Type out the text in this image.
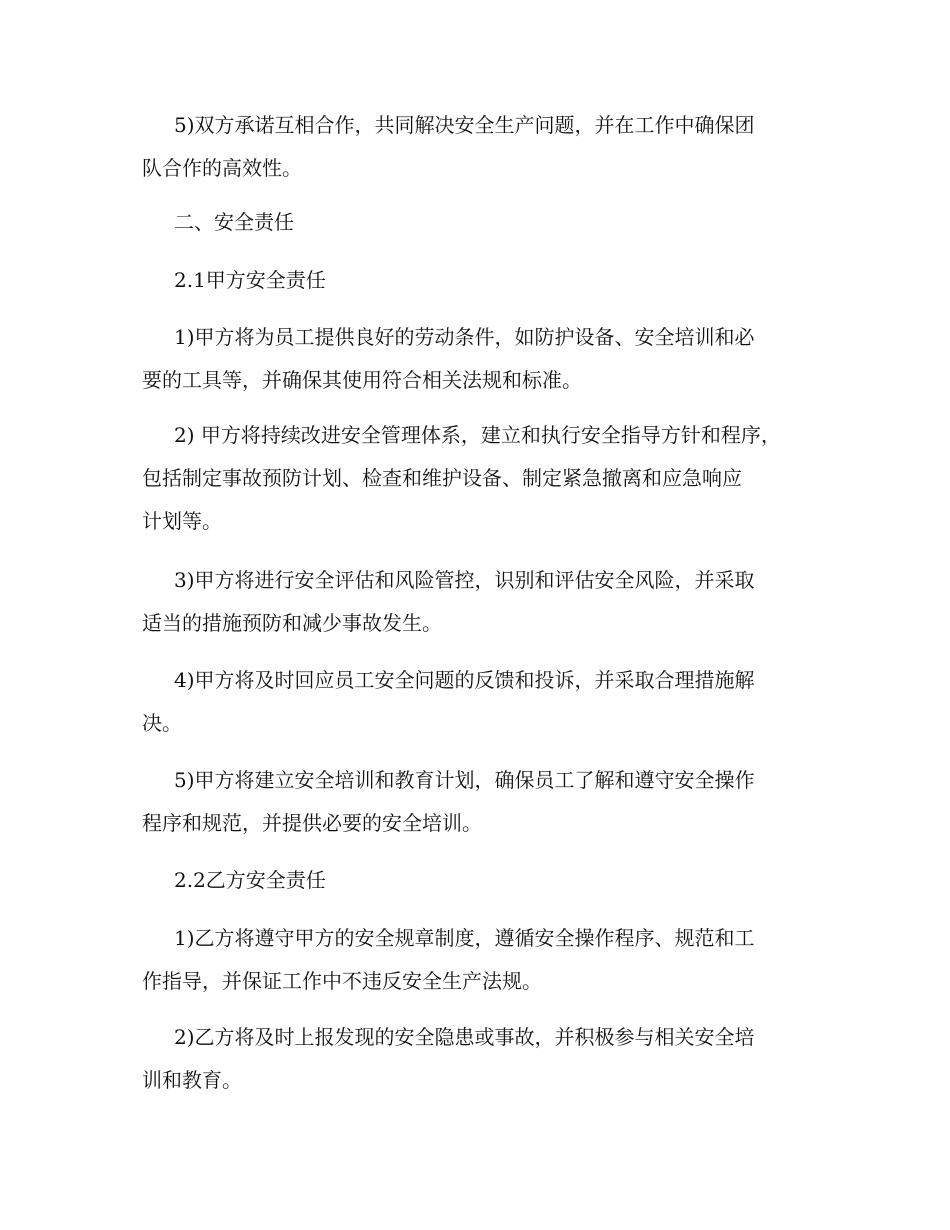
5)双方承诺互相合作，共同解决安全生产问题，并在工作中确保团
队合作的高效性。

二、安全责任

2.1甲方安全责任

1)甲方将为员工提供良好的劳动条件，如防护设备、安全培训和必
要的工具等，并确保其使用符合相关法规和标准。

2) 甲方将持续改进安全管理体系，建立和执行安全指导方针和程序，
包括制定事故预防计划、检查和维护设备、制定紧急撤离和应急响应
计划等。

3)甲方将进行安全评估和风险管控，识别和评估安全风险，并采取
适当的措施预防和减少事故发生。

4)甲方将及时回应员工安全问题的反馈和投诉，并采取合理措施解
决。

5)甲方将建立安全培训和教育计划，确保员工了解和遵守安全操作
程序和规范，并提供必要的安全培训。

2.2乙方安全责任

1)乙方将遵守甲方的安全规章制度，遵循安全操作程序、规范和工
作指导，并保证工作中不违反安全生产法规。

2)乙方将及时上报发现的安全隐患或事故，并积极参与相关安全培
训和教育。
